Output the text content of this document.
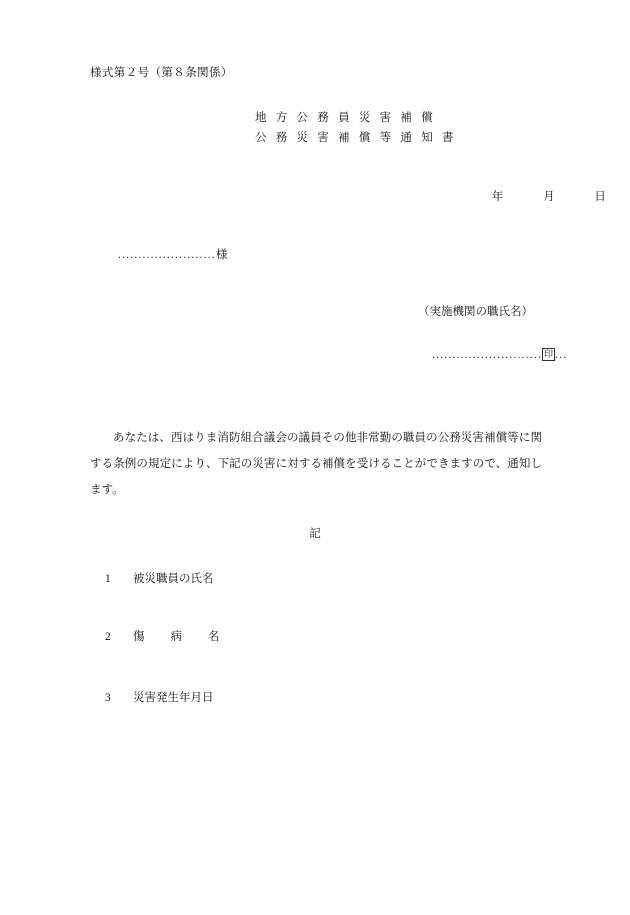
様式第２号（第８条関係）
地 方 公 務 員 災 害 補 償
公 務 災 害 補 償 等 通 知 書
年	月	日
........................様
（実施機関の職氏名）
........................... 印 ...
あなたは、西はりま消防組合議会の議員その他非常勤の職員の公務災害補償等に関する条例の規定により、下記の災害に対する補償を受けることができますので、通知します。
記
1 被災職員の氏名
2 傷 病 名
3 災害発生年月日
